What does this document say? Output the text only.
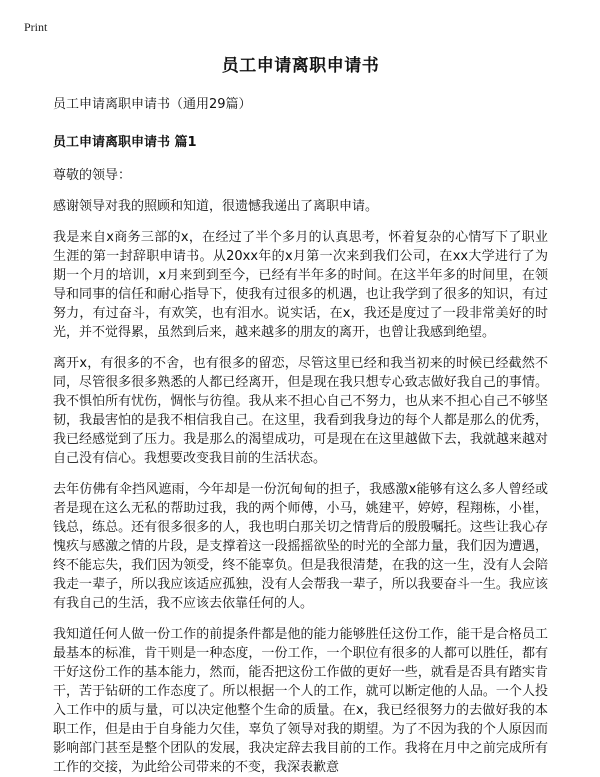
Print
员工申请离职申请书

员工申请离职申请书（通用29篇）

员工申请离职申请书 篇1

尊敬的领导：

感谢领导对我的照顾和知道，很遗憾我递出了离职申请。

我是来自x商务三部的x，在经过了半个多月的认真思考，怀着复杂的心情写下了职业生涯的第一封辞职申请书。从20xx年的x月第一次来到我们公司，在xx大学进行了为期一个月的培训，x月来到到至今，已经有半年多的时间。在这半年多的时间里，在领导和同事的信任和耐心指导下，使我有过很多的机遇，也让我学到了很多的知识，有过努力，有过奋斗，有欢笑，也有泪水。说实话，在x，我还是度过了一段非常美好的时光，并不觉得累，虽然到后来，越来越多的朋友的离开，也曾让我感到绝望。

离开x，有很多的不舍，也有很多的留恋，尽管这里已经和我当初来的时候已经截然不同，尽管很多很多熟悉的人都已经离开，但是现在我只想专心致志做好我自己的事情。我不惧怕所有忧伤，惆怅与彷徨。我从来不担心自己不努力，也从来不担心自己不够坚韧，我最害怕的是我不相信我自己。在这里，我看到我身边的每个人都是那么的优秀，我已经感觉到了压力。我是那么的渴望成功，可是现在在这里越做下去，我就越来越对自己没有信心。我想要改变我目前的生活状态。

去年仿佛有伞挡风遮雨，今年却是一份沉甸甸的担子，我感激x能够有这么多人曾经或者是现在这么无私的帮助过我，我的两个师傅，小马，姚建平，婷婷，程翔栋，小崔，钱总，练总。还有很多很多的人，我也明白那关切之情背后的殷殷嘱托。这些让我心存愧疚与感激之情的片段，是支撑着这一段摇摇欲坠的时光的全部力量，我们因为遭遇，终不能忘失，我们因为领受，终不能辜负。但是我很清楚，在我的这一生，没有人会陪我走一辈子，所以我应该适应孤独，没有人会帮我一辈子，所以我要奋斗一生。我应该有我自己的生活，我不应该去依靠任何的人。

我知道任何人做一份工作的前提条件都是他的能力能够胜任这份工作，能干是合格员工最基本的标准，肯干则是一种态度，一份工作，一个职位有很多的人都可以胜任，都有干好这份工作的基本能力，然而，能否把这份工作做的更好一些，就看是否具有踏实肯干，苦于钻研的工作态度了。所以根据一个人的工作，就可以断定他的人品。一个人投入工作中的质与量，可以决定他整个生命的质量。在x，我已经很努力的去做好我的本职工作，但是由于自身能力欠佳，辜负了领导对我的期望。为了不因为我的个人原因而影响部门甚至是整个团队的发展，我决定辞去我目前的工作。我将在月中之前完成所有工作的交接，为此给公司带来的不变，我深表歉意
